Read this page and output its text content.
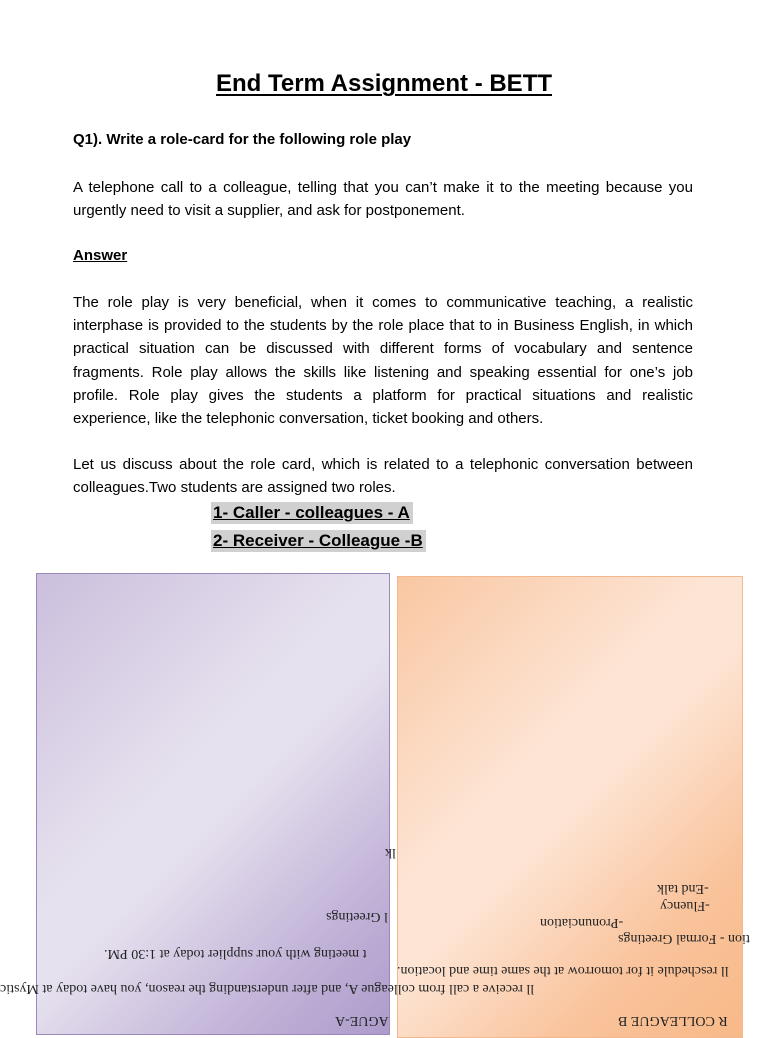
End Term Assignment - BETT
Q1). Write a role-card for the following role play
A telephone call to a colleague, telling that you can’t make it to the meeting because you urgently need to visit a supplier, and ask for postponement.
Answer
The role play is very beneficial, when it comes to communicative teaching, a realistic interphase is provided to the students by the role place that to in Business English, in which practical situation can be discussed with different forms of vocabulary and sentence fragments. Role play allows the skills like listening and speaking essential for one’s job profile. Role play gives the students a platform for practical situations and realistic experience, like the telephonic conversation, ticket booking and others.
Let us discuss about the role card, which is related to a telephonic conversation between colleagues.Two students are assigned two roles.
1- Caller - colleagues - A
2- Receiver - Colleague -B
lk
l Greetings
t meeting with your supplier today at 1:30 PM.
ll receive a call from colleague A, and after understanding the reason, you have today at Mystic
AGUE-A
-End talk
-Fluency
-Pronunciation
tion - Formal Greetings
ll reschedule it for tomorrow at the same time and location.
R COLLEAGUE B
